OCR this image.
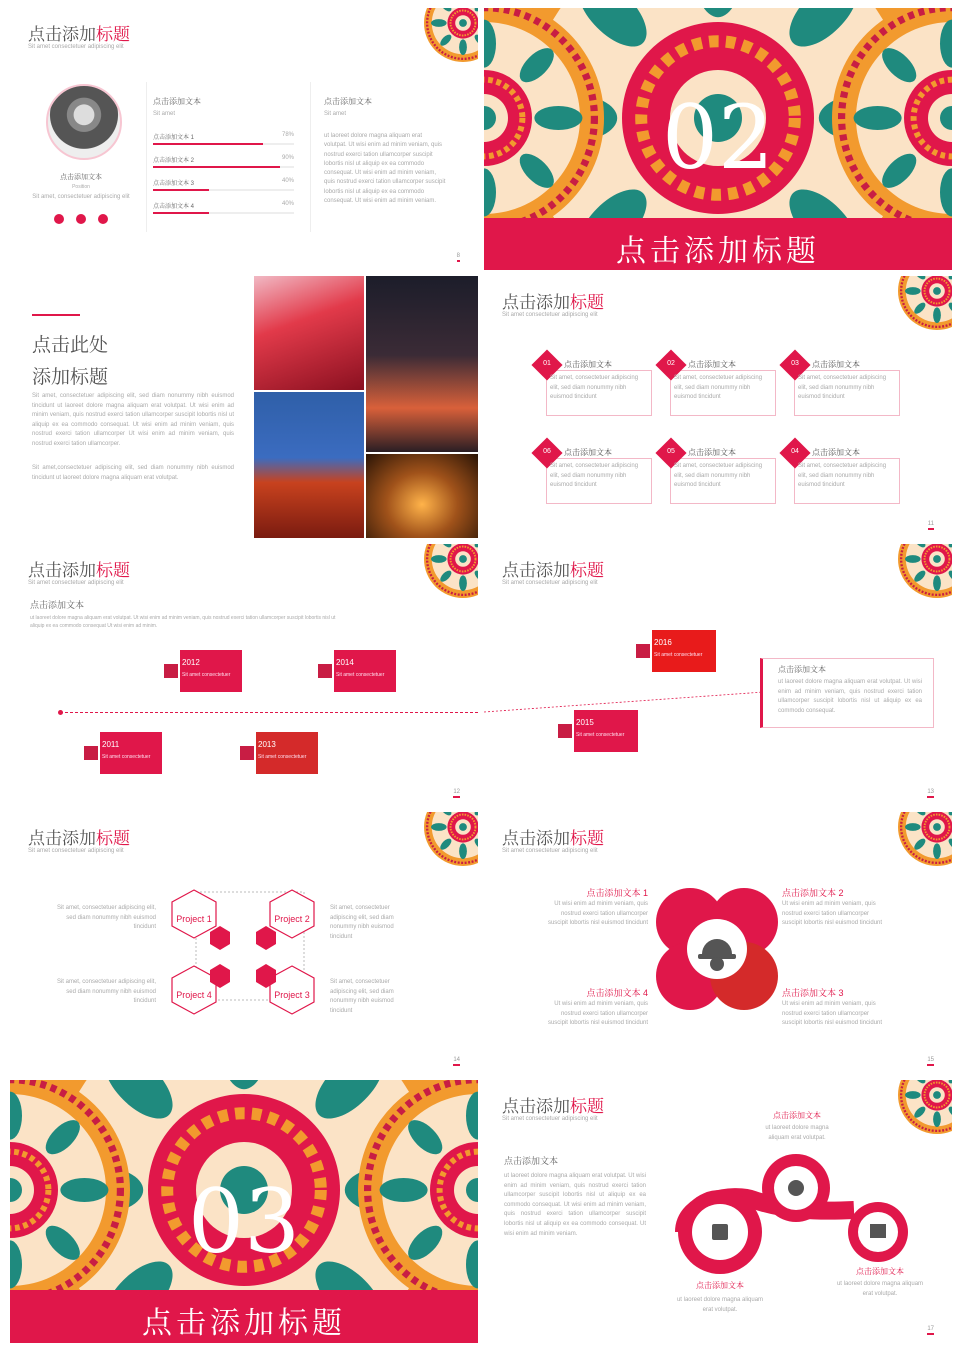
点击添加标题
Sit amet consectetuer adipiscing elit
点击添加文本
Position
Sit amet, consectetuer adipiscing elit
点击添加文本
Sit amet
点击添加文本 1	78%
点击添加文本 2	90%
点击添加文本 3	40%
点击添加文本 4	40%
点击添加文本
Sit amet
ut laoreet dolore magna aliquam erat volutpat. Ut wisi enim ad minim veniam, quis nostrud exerci tation ullamcorper suscipit lobortis nisl ut aliquip ex ea commodo consequat. Ut wisi enim ad minim veniam, quis nostrud exerci tation ullamcorper suscipit lobortis nisl ut aliquip ex ea commodo consequat. Ut wisi enim ad minim veniam.
8
02
点击添加标题
点击此处
添加标题
Sit amet, consectetuer adipiscing elit, sed diam nonummy nibh euismod tincidunt ut laoreet dolore magna aliquam erat volutpat. Ut wisi enim ad minim veniam, quis nostrud exerci tation ullamcorper suscipit lobortis nisl ut aliquip ex ea commodo consequat. Ut wisi enim ad minim veniam, quis nostrud exerci tation ullamcorper Ut wisi enim ad minim veniam, quis nostrud exerci tation ullamcorper.
Sit amet,consectetuer adipiscing elit, sed diam nonummy nibh euismod tincidunt ut laoreet dolore magna aliquam erat volutpat.
点击添加标题
Sit amet consectetuer adipiscing elit
01	点击添加文本
Sit amet, consectetuer adipiscing elit, sed diam nonummy nibh euismod tincidunt
02	点击添加文本
Sit amet, consectetuer adipiscing elit, sed diam nonummy nibh euismod tincidunt
03	点击添加文本
Sit amet, consectetuer adipiscing elit, sed diam nonummy nibh euismod tincidunt
06	点击添加文本
Sit amet, consectetuer adipiscing elit, sed diam nonummy nibh euismod tincidunt
05	点击添加文本
Sit amet, consectetuer adipiscing elit, sed diam nonummy nibh euismod tincidunt
04	点击添加文本
Sit amet, consectetuer adipiscing elit, sed diam nonummy nibh euismod tincidunt
11
点击添加标题
Sit amet consectetuer adipiscing elit
点击添加文本
ut laoreet dolore magna aliquam erat volutpat. Ut wisi enim ad minim veniam, quis nostrud exerci tation ullamcorper suscipit lobortis nisl ut aliquip ex ea commodo consequat Ut wisi enim ad minim.
2012
Sit amet consectetuer
2014
Sit amet consectetuer
2011
Sit amet consectetuer
2013
Sit amet consectetuer
12
点击添加标题
Sit amet consectetuer adipiscing elit
2016
Sit amet consectetuer
2015
Sit amet consectetuer
点击添加文本
ut laoreet dolore magna aliquam erat volutpat. Ut wisi enim ad minim veniam, quis nostrud exerci tation ullamcorper suscipit lobortis nisl ut aliquip ex ea commodo consequat.
13
点击添加标题
Sit amet consectetuer adipiscing elit
Project 1	Project 2
Project 4	Project 3
Sit amet, consectetuer adipiscing elit, sed diam nonummy nibh euismod tincidunt
Sit amet, consectetuer adipiscing elit, sed diam nonummy nibh euismod tincidunt
Sit amet, consectetuer adipiscing elit, sed diam nonummy nibh euismod tincidunt
Sit amet, consectetuer adipiscing elit, sed diam nonummy nibh euismod tincidunt
14
点击添加标题
Sit amet consectetuer adipiscing elit
点击添加文本 1
Ut wisi enim ad minim veniam, quis nostrud exerci tation ullamcorper suscipit lobortis nisl euismod tincidunt
点击添加文本 2
Ut wisi enim ad minim veniam, quis nostrud exerci tation ullamcorper suscipit lobortis nisl euismod tincidunt
点击添加文本 4
Ut wisi enim ad minim veniam, quis nostrud exerci tation ullamcorper suscipit lobortis nisl euismod tincidunt
点击添加文本 3
Ut wisi enim ad minim veniam, quis nostrud exerci tation ullamcorper suscipit lobortis nisl euismod tincidunt
15
03
点击添加标题
点击添加标题
Sit amet consectetuer adipiscing elit
点击添加文本
ut laoreet dolore magna aliquam erat volutpat. Ut wisi enim ad minim veniam, quis nostrud exerci tation ullamcorper suscipit lobortis nisl ut aliquip ex ea commodo consequat. Ut wisi enim ad minim veniam, quis nostrud exerci tation ullamcorper suscipit lobortis nisl ut aliquip ex ea commodo consequat. Ut wisi enim ad minim veniam.
点击添加文本
ut laoreet dolore magna aliquam erat volutpat.
点击添加文本
ut laoreet dolore magna aliquam erat volutpat.
点击添加文本
ut laoreet dolore magna aliquam erat volutpat.
17
